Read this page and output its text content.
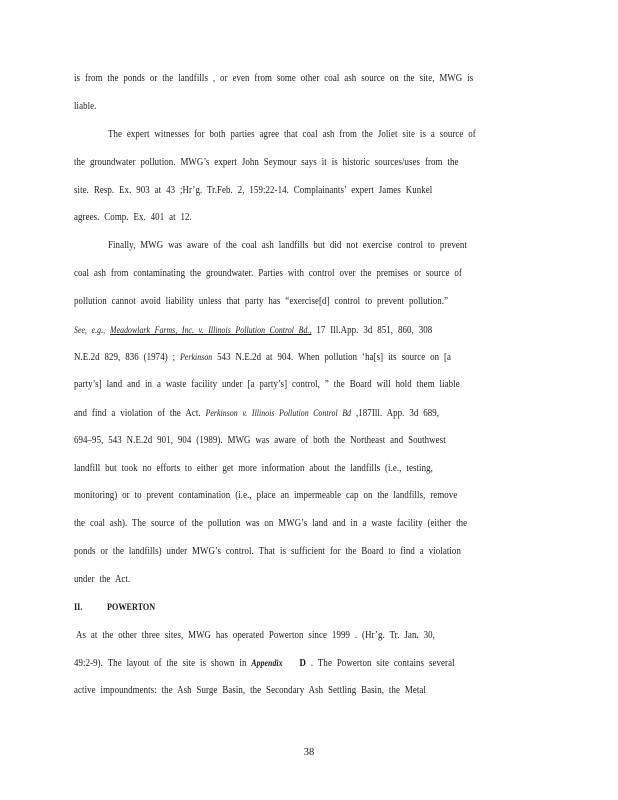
is from the ponds or the landfills , or even from some other coal ash source on the site, MWG is
liable.
The expert witnesses for both parties agree that coal ash from the Joliet site is a source of
the groundwater pollution. MWG’s expert John Seymour says it is historic sources/uses from the
site. Resp. Ex. 903 at 43 ;Hr’g. Tr.Feb. 2, 159:22-14. Complainants’ expert James Kunkel
agrees. Comp. Ex. 401 at 12.
Finally, MWG was aware of the coal ash landfills but did not exercise control to prevent
coal ash from contaminating the groundwater. Parties with control over the premises or source of
pollution cannot avoid liability unless that party has “exercise[d] control to prevent pollution.”
See, e.g., Meadowlark Farms, Inc. v. Illinois Pollution Control Bd., 17 Ill.App. 3d 851, 860, 308
N.E.2d 829, 836 (1974) ; Perkinson 543 N.E.2d at 904. When pollution ‘ha[s] its source on [a
party’s] land and in a waste facility under [a party’s] control, ” the Board will hold them liable
and find a violation of the Act. Perkinson v. Illinois Pollution Control Bd ,187Ill. App. 3d 689,
694–95, 543 N.E.2d 901, 904 (1989). MWG was aware of both the Northeast and Southwest
landfill but took no efforts to either get more information about the landfills (i.e., testing,
monitoring) or to prevent contamination (i.e., place an impermeable cap on the landfills, remove
the coal ash). The source of the pollution was on MWG’s land and in a waste facility (either the
ponds or the landfills) under MWG’s control. That is sufficient for the Board to find a violation
under the Act.
II.	POWERTON
As at the other three sites, MWG has operated Powerton since 1999 . (Hr’g. Tr. Jan. 30,
49:2-9). The layout of the site is shown in Appendix D . The Powerton site contains several
active impoundments: the Ash Surge Basin, the Secondary Ash Settling Basin, the Metal
38
